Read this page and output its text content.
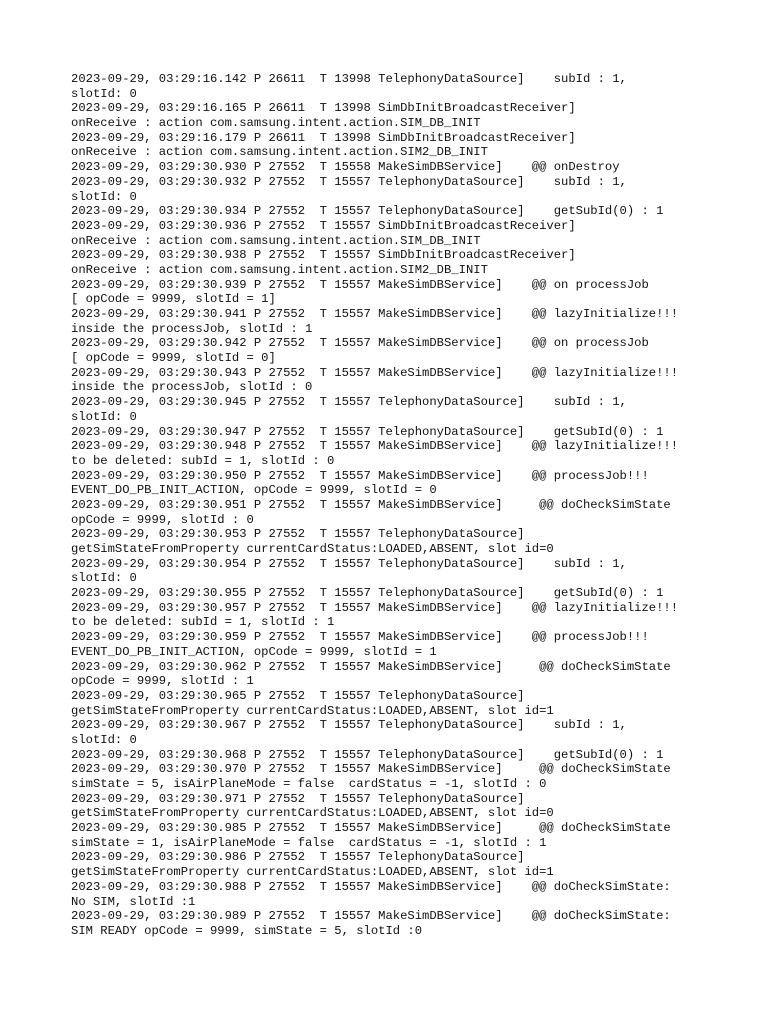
2023-09-29, 03:29:16.142 P 26611  T 13998 TelephonyDataSource]    subId : 1,
slotId: 0
2023-09-29, 03:29:16.165 P 26611  T 13998 SimDbInitBroadcastReceiver]
onReceive : action com.samsung.intent.action.SIM_DB_INIT
2023-09-29, 03:29:16.179 P 26611  T 13998 SimDbInitBroadcastReceiver]
onReceive : action com.samsung.intent.action.SIM2_DB_INIT
2023-09-29, 03:29:30.930 P 27552  T 15558 MakeSimDBService]    @@ onDestroy
2023-09-29, 03:29:30.932 P 27552  T 15557 TelephonyDataSource]    subId : 1,
slotId: 0
2023-09-29, 03:29:30.934 P 27552  T 15557 TelephonyDataSource]    getSubId(0) : 1
2023-09-29, 03:29:30.936 P 27552  T 15557 SimDbInitBroadcastReceiver]
onReceive : action com.samsung.intent.action.SIM_DB_INIT
2023-09-29, 03:29:30.938 P 27552  T 15557 SimDbInitBroadcastReceiver]
onReceive : action com.samsung.intent.action.SIM2_DB_INIT
2023-09-29, 03:29:30.939 P 27552  T 15557 MakeSimDBService]    @@ on processJob
[ opCode = 9999, slotId = 1]
2023-09-29, 03:29:30.941 P 27552  T 15557 MakeSimDBService]    @@ lazyInitialize!!!
inside the processJob, slotId : 1
2023-09-29, 03:29:30.942 P 27552  T 15557 MakeSimDBService]    @@ on processJob
[ opCode = 9999, slotId = 0]
2023-09-29, 03:29:30.943 P 27552  T 15557 MakeSimDBService]    @@ lazyInitialize!!!
inside the processJob, slotId : 0
2023-09-29, 03:29:30.945 P 27552  T 15557 TelephonyDataSource]    subId : 1,
slotId: 0
2023-09-29, 03:29:30.947 P 27552  T 15557 TelephonyDataSource]    getSubId(0) : 1
2023-09-29, 03:29:30.948 P 27552  T 15557 MakeSimDBService]    @@ lazyInitialize!!!
to be deleted: subId = 1, slotId : 0
2023-09-29, 03:29:30.950 P 27552  T 15557 MakeSimDBService]    @@ processJob!!!
EVENT_DO_PB_INIT_ACTION, opCode = 9999, slotId = 0
2023-09-29, 03:29:30.951 P 27552  T 15557 MakeSimDBService]     @@ doCheckSimState
opCode = 9999, slotId : 0
2023-09-29, 03:29:30.953 P 27552  T 15557 TelephonyDataSource]
getSimStateFromProperty currentCardStatus:LOADED,ABSENT, slot id=0
2023-09-29, 03:29:30.954 P 27552  T 15557 TelephonyDataSource]    subId : 1,
slotId: 0
2023-09-29, 03:29:30.955 P 27552  T 15557 TelephonyDataSource]    getSubId(0) : 1
2023-09-29, 03:29:30.957 P 27552  T 15557 MakeSimDBService]    @@ lazyInitialize!!!
to be deleted: subId = 1, slotId : 1
2023-09-29, 03:29:30.959 P 27552  T 15557 MakeSimDBService]    @@ processJob!!!
EVENT_DO_PB_INIT_ACTION, opCode = 9999, slotId = 1
2023-09-29, 03:29:30.962 P 27552  T 15557 MakeSimDBService]     @@ doCheckSimState
opCode = 9999, slotId : 1
2023-09-29, 03:29:30.965 P 27552  T 15557 TelephonyDataSource]
getSimStateFromProperty currentCardStatus:LOADED,ABSENT, slot id=1
2023-09-29, 03:29:30.967 P 27552  T 15557 TelephonyDataSource]    subId : 1,
slotId: 0
2023-09-29, 03:29:30.968 P 27552  T 15557 TelephonyDataSource]    getSubId(0) : 1
2023-09-29, 03:29:30.970 P 27552  T 15557 MakeSimDBService]     @@ doCheckSimState
simState = 5, isAirPlaneMode = false  cardStatus = -1, slotId : 0
2023-09-29, 03:29:30.971 P 27552  T 15557 TelephonyDataSource]
getSimStateFromProperty currentCardStatus:LOADED,ABSENT, slot id=0
2023-09-29, 03:29:30.985 P 27552  T 15557 MakeSimDBService]     @@ doCheckSimState
simState = 1, isAirPlaneMode = false  cardStatus = -1, slotId : 1
2023-09-29, 03:29:30.986 P 27552  T 15557 TelephonyDataSource]
getSimStateFromProperty currentCardStatus:LOADED,ABSENT, slot id=1
2023-09-29, 03:29:30.988 P 27552  T 15557 MakeSimDBService]    @@ doCheckSimState:
No SIM, slotId :1
2023-09-29, 03:29:30.989 P 27552  T 15557 MakeSimDBService]    @@ doCheckSimState:
SIM READY opCode = 9999, simState = 5, slotId :0
